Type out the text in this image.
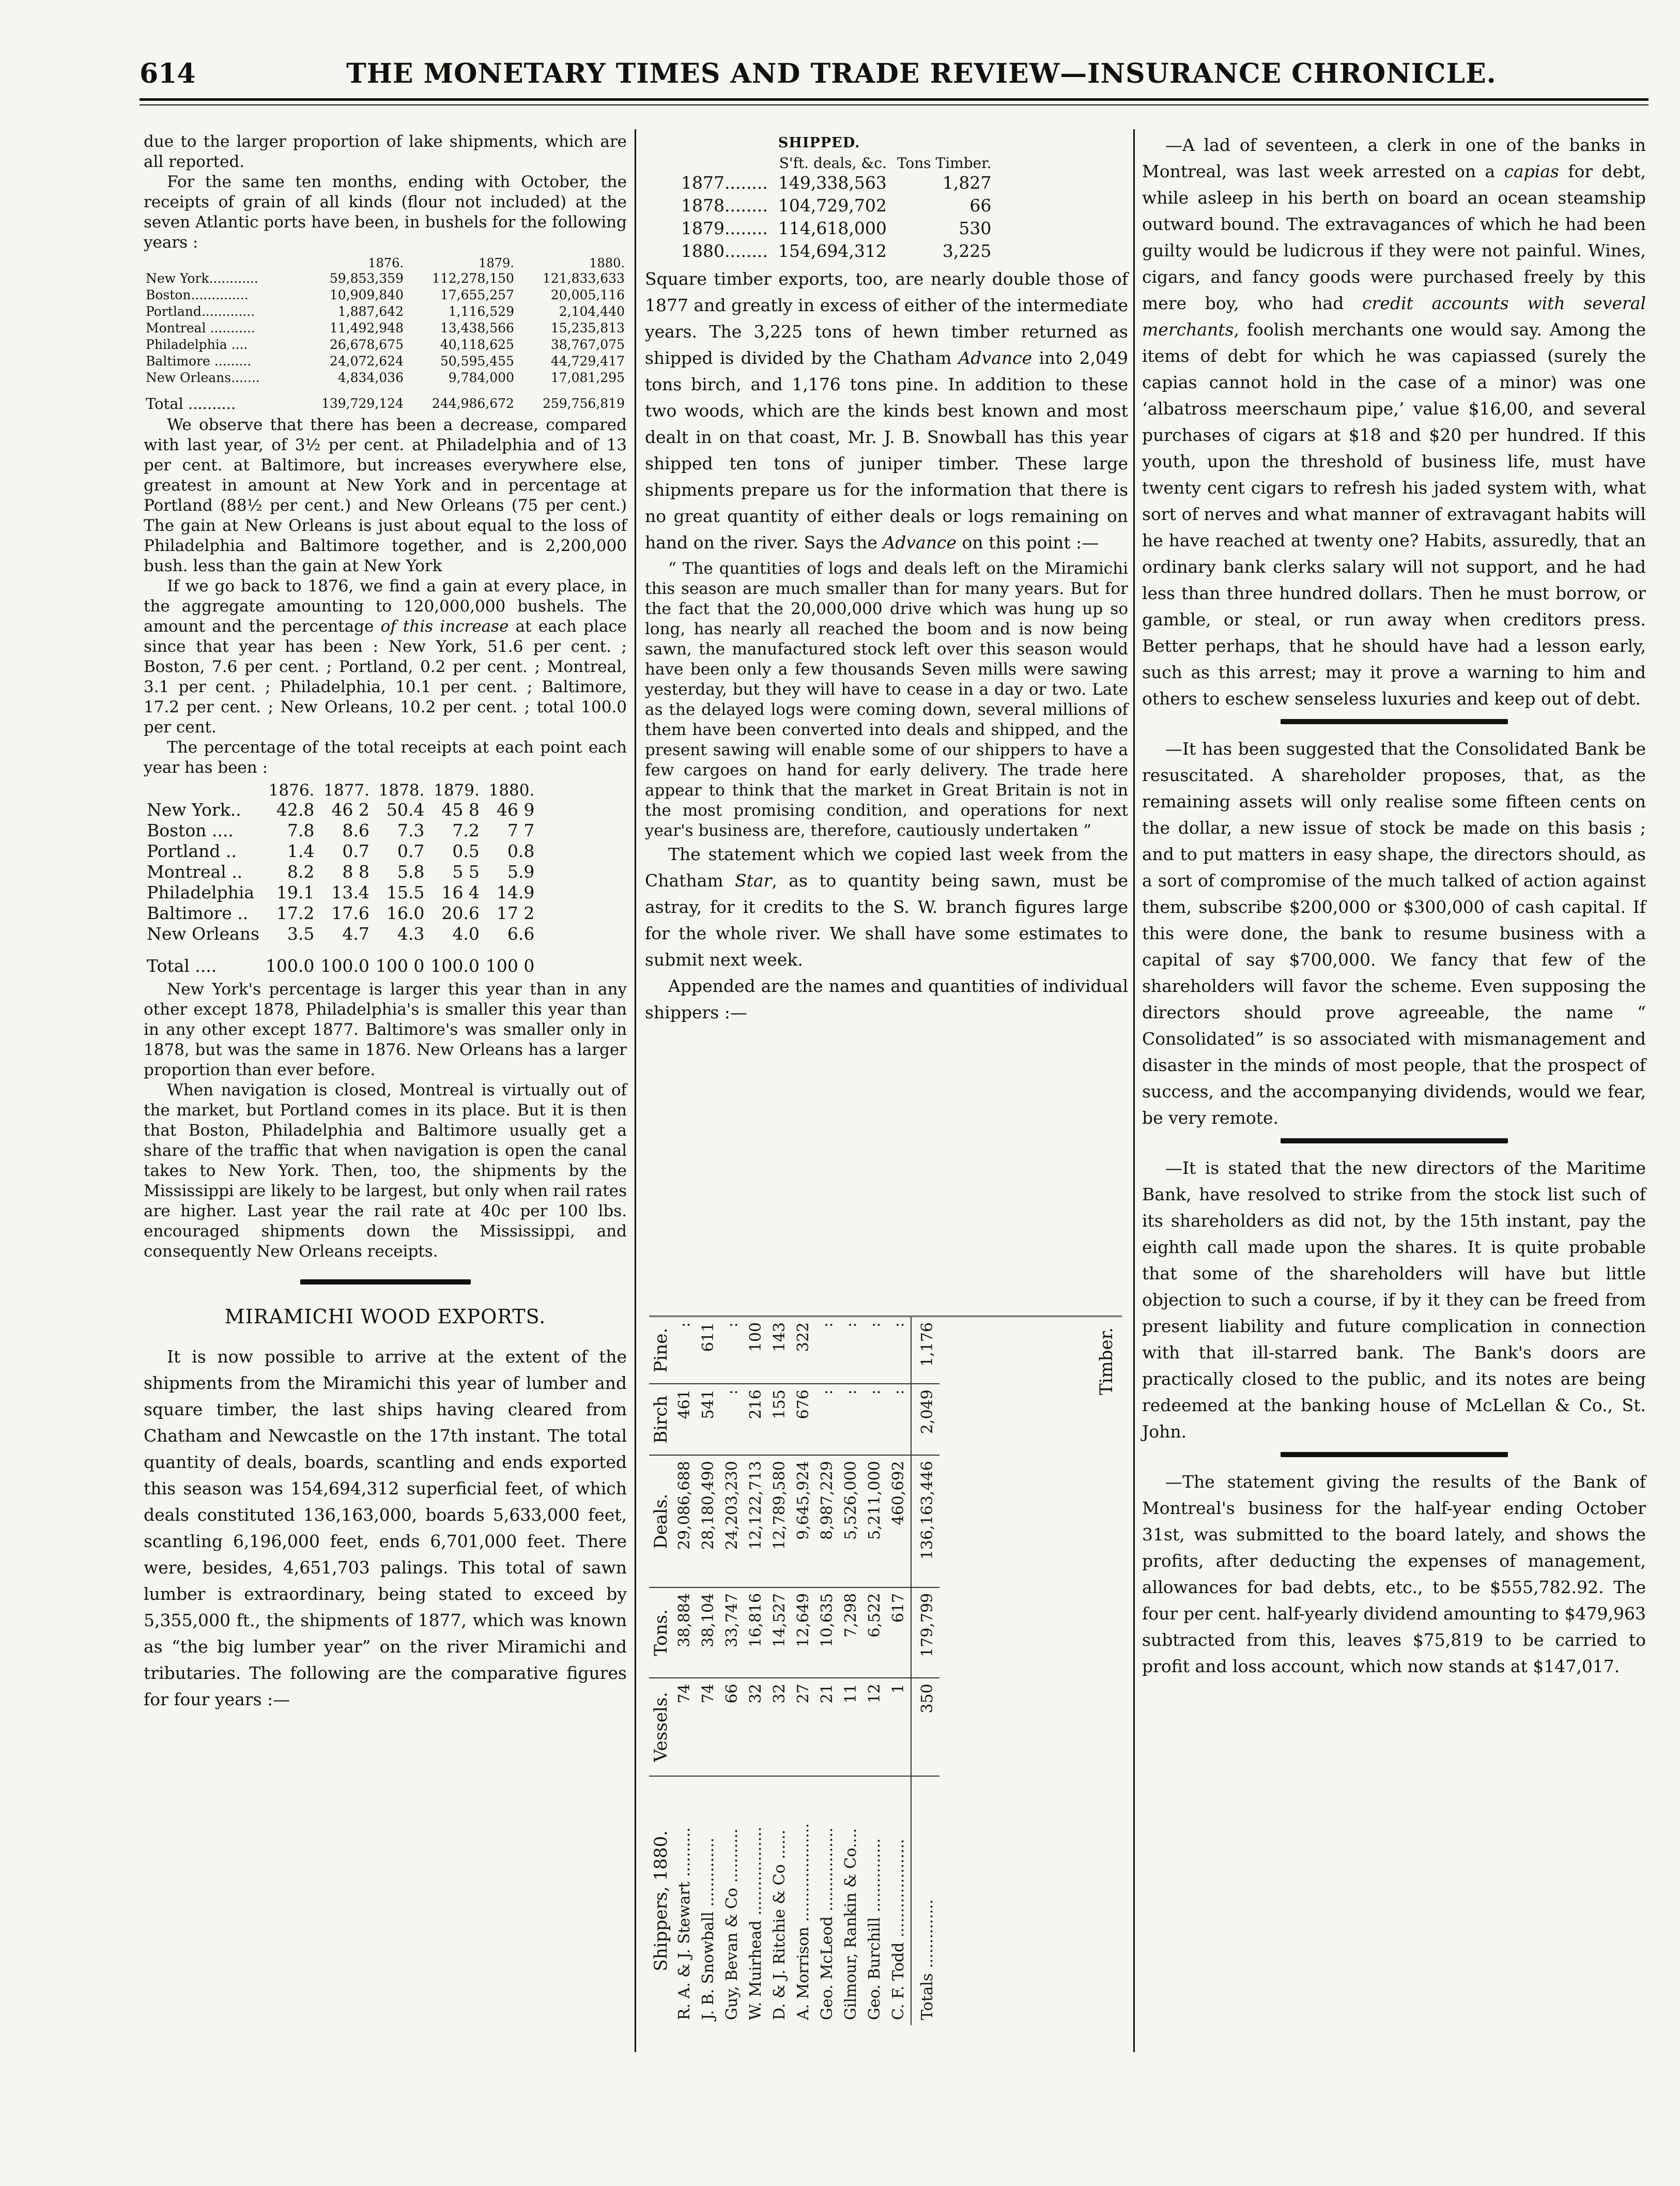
614	THE MONETARY TIMES AND TRADE REVIEW—INSURANCE CHRONICLE.

due to the larger proportion of lake shipments, which are all reported.

For the same ten months, ending with October, the receipts of grain of all kinds (flour not included) at the seven Atlantic ports have been, in bushels for the following years :

	1876.	1879.	1880.
New York............	59,853,359	112,278,150	121,833,633
Boston..............	10,909,840	17,655,257	20,005,116
Portland.............	1,887,642	1,116,529	2,104,440
Montreal ...........	11,492,948	13,438,566	15,235,813
Philadelphia ....	26,678,675	40,118,625	38,767,075
Baltimore .........	24,072,624	50,595,455	44,729,417
New Orleans.......	4,834,036	9,784,000	17,081,295
Total ..........	139,729,124	244,986,672	259,756,819

We observe that there has been a decrease, compared with last year, of 3½ per cent. at Philadelphia and of 13 per cent. at Baltimore, but increases everywhere else, greatest in amount at New York and in percentage at Portland (88½ per cent.) and New Orleans (75 per cent.) The gain at New Orleans is just about equal to the loss of Philadelphia and Baltimore together, and is 2,200,000 bush. less than the gain at New York

If we go back to 1876, we find a gain at every place, in the aggregate amounting to 120,000,000 bushels. The amount and the percentage of this increase at each place since that year has been : New York, 51.6 per cent. ; Boston, 7.6 per cent. ; Portland, 0.2 per cent. ; Montreal, 3.1 per cent. ; Philadelphia, 10.1 per cent. ; Baltimore, 17.2 per cent. ; New Orleans, 10.2 per cent. ; total 100.0 per cent.

The percentage of the total receipts at each point each year has been :

	1876.	1877.	1878.	1879.	1880.
New York..	42.8	46 2	50.4	45 8	46 9
Boston ....	7.8	8.6	7.3	7.2	7 7
Portland ..	1.4	0.7	0.7	0.5	0.8
Montreal ..	8.2	8 8	5.8	5 5	5.9
Philadelphia	19.1	13.4	15.5	16 4	14.9
Baltimore ..	17.2	17.6	16.0	20.6	17 2
New Orleans	3.5	4.7	4.3	4.0	6.6
Total ....	100.0	100.0	100 0	100.0	100 0

New York's percentage is larger this year than in any other except 1878, Philadelphia's is smaller this year than in any other except 1877. Baltimore's was smaller only in 1878, but was the same in 1876. New Orleans has a larger proportion than ever before.

When navigation is closed, Montreal is virtually out of the market, but Portland comes in its place. But it is then that Boston, Philadelphia and Baltimore usually get a share of the traffic that when navigation is open the canal takes to New York. Then, too, the shipments by the Mississippi are likely to be largest, but only when rail rates are higher. Last year the rail rate at 40c per 100 lbs. encouraged shipments down the Mississippi, and consequently New Orleans receipts.

MIRAMICHI WOOD EXPORTS.

It is now possible to arrive at the extent of the shipments from the Miramichi this year of lumber and square timber, the last ships having cleared from Chatham and Newcastle on the 17th instant. The total quantity of deals, boards, scantling and ends exported this season was 154,694,312 superficial feet, of which deals constituted 136,163,000, boards 5,633,000 feet, scantling 6,196,000 feet, ends 6,701,000 feet. There were, besides, 4,651,703 palings. This total of sawn lumber is extraordinary, being stated to exceed by 5,355,000 ft., the shipments of 1877, which was known as “the big lumber year” on the river Miramichi and tributaries. The following are the comparative figures for four years :—

	SHIPPED.	
	S'ft. deals, &c.	Tons Timber.
1877........	149,338,563	1,827
1878........	104,729,702	66
1879........	114,618,000	530
1880........	154,694,312	3,225

Square timber exports, too, are nearly double those of 1877 and greatly in excess of either of the intermediate years. The 3,225 tons of hewn timber returned as shipped is divided by the Chatham Advance into 2,049 tons birch, and 1,176 tons pine. In addition to these two woods, which are the kinds best known and most dealt in on that coast, Mr. J. B. Snowball has this year shipped ten tons of juniper timber. These large shipments prepare us for the information that there is no great quantity of either deals or logs remaining on hand on the river. Says the Advance on this point :—

“ The quantities of logs and deals left on the Miramichi this season are much smaller than for many years. But for the fact that the 20,000,000 drive which was hung up so long, has nearly all reached the boom and is now being sawn, the manufactured stock left over this season would have been only a few thousands Seven mills were sawing yesterday, but they will have to cease in a day or two. Late as the delayed logs were coming down, several millions of them have been converted into deals and shipped, and the present sawing will enable some of our shippers to have a few cargoes on hand for early delivery. The trade here appear to think that the market in Great Britain is not in the most promising condition, and operations for next year's business are, therefore, cautiously undertaken ”

The statement which we copied last week from the Chatham Star, as to quantity being sawn, must be astray, for it credits to the S. W. branch figures large for the whole river. We shall have some estimates to submit next week.

Appended are the names and quantities of individual shippers :—

Shippers, 1880.	Vessels.	Tons.	Deals.	Birch	Pine.
R. A. & J. Stewart ..........	74	38,884	29,086,688	461	:
J. B. Snowball ..............	74	38,104	28,180,490	541	611
Guy, Bevan & Co ...........	66	33,747	24,203,230	:	:
W. Muirhead ..................	32	16,816	12,122,713	216	100
D. & J. Ritchie & Co ......	32	14,527	12,789,580	155	143
A. Morrison ....................	27	12,649	9,645,924	676	322
Geo. McLeod .................	21	10,635	8,987,229	:	:
Gilmour, Rankin & Co....	11	7,298	5,526,000	:	:
Geo. Burchill ...............	12	6,522	5,211,000	:	:
C. F. Todd ....................	1	617	460,692	:	:
Totals ..............	350	179,799	136,163,446	2,049	1,176	Timber.

—A lad of seventeen, a clerk in one of the banks in Montreal, was last week arrested on a capias for debt, while asleep in his berth on board an ocean steamship outward bound. The extravagances of which he had been guilty would be ludicrous if they were not painful. Wines, cigars, and fancy goods were purchased freely by this mere boy, who had credit accounts with several merchants, foolish merchants one would say. Among the items of debt for which he was capiassed (surely the capias cannot hold in the case of a minor) was one ‘albatross meerschaum pipe,’ value $16,00, and several purchases of cigars at $18 and $20 per hundred. If this youth, upon the threshold of business life, must have twenty cent cigars to refresh his jaded system with, what sort of nerves and what manner of extravagant habits will he have reached at twenty one? Habits, assuredly, that an ordinary bank clerks salary will not support, and he had less than three hundred dollars. Then he must borrow, or gamble, or steal, or run away when creditors press. Better perhaps, that he should have had a lesson early, such as this arrest; may it prove a warning to him and others to eschew senseless luxuries and keep out of debt.

—It has been suggested that the Consolidated Bank be resuscitated. A shareholder proposes, that, as the remaining assets will only realise some fifteen cents on the dollar, a new issue of stock be made on this basis ; and to put matters in easy shape, the directors should, as a sort of compromise of the much talked of action against them, subscribe $200,000 or $300,000 of cash capital. If this were done, the bank to resume business with a capital of say $700,000. We fancy that few of the shareholders will favor the scheme. Even supposing the directors should prove agreeable, the name “ Consolidated” is so associated with mismanagement and disaster in the minds of most people, that the prospect of success, and the accompanying dividends, would we fear, be very remote.

—It is stated that the new directors of the Maritime Bank, have resolved to strike from the stock list such of its shareholders as did not, by the 15th instant, pay the eighth call made upon the shares. It is quite probable that some of the shareholders will have but little objection to such a course, if by it they can be freed from present liability and future complication in connection with that ill-starred bank. The Bank's doors are practically closed to the public, and its notes are being redeemed at the banking house of McLellan & Co., St. John.

—The statement giving the results of the Bank of Montreal's business for the half-year ending October 31st, was submitted to the board lately, and shows the profits, after deducting the expenses of management, allowances for bad debts, etc., to be $555,782.92. The four per cent. half-yearly dividend amounting to $479,963 subtracted from this, leaves $75,819 to be carried to profit and loss account, which now stands at $147,017.
